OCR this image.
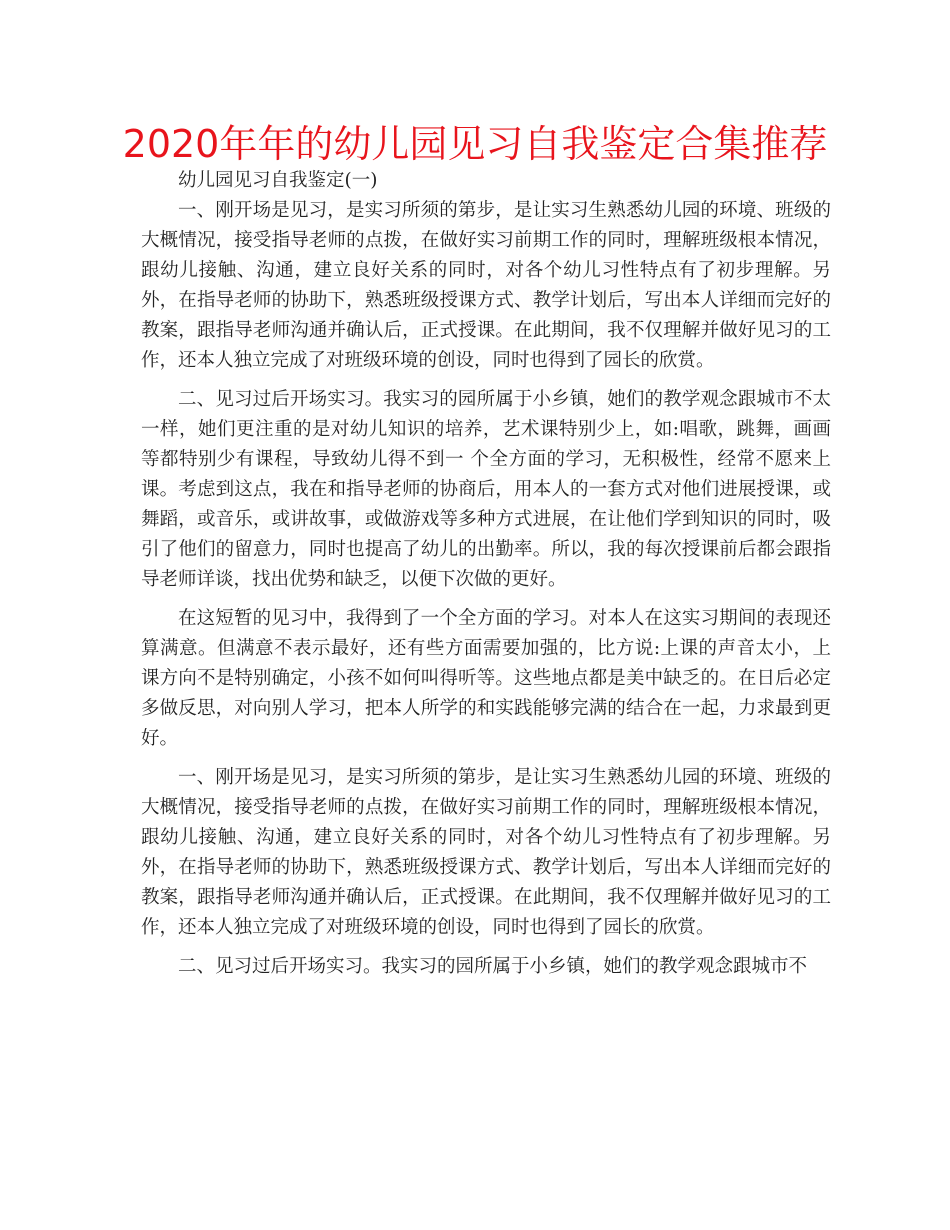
2020年年的幼儿园见习自我鉴定合集推荐

幼儿园见习自我鉴定(一)

一、刚开场是见习，是实习所须的第步，是让实习生熟悉幼儿园的环境、班级的大概情况，接受指导老师的点拨，在做好实习前期工作的同时，理解班级根本情况，跟幼儿接触、沟通，建立良好关系的同时，对各个幼儿习性特点有了初步理解。另外，在指导老师的协助下，熟悉班级授课方式、教学计划后，写出本人详细而完好的教案，跟指导老师沟通并确认后，正式授课。在此期间，我不仅理解并做好见习的工作，还本人独立完成了对班级环境的创设，同时也得到了园长的欣赏。

二、见习过后开场实习。我实习的园所属于小乡镇，她们的教学观念跟城市不太一样，她们更注重的是对幼儿知识的培养，艺术课特别少上，如:唱歌，跳舞，画画等都特别少有课程，导致幼儿得不到一 个全方面的学习，无积极性，经常不愿来上课。考虑到这点，我在和指导老师的协商后，用本人的一套方式对他们进展授课，或舞蹈，或音乐，或讲故事，或做游戏等多种方式进展，在让他们学到知识的同时，吸引了他们的留意力，同时也提高了幼儿的出勤率。所以，我的每次授课前后都会跟指导老师详谈，找出优势和缺乏，以便下次做的更好。

在这短暂的见习中，我得到了一个全方面的学习。对本人在这实习期间的表现还算满意。但满意不表示最好，还有些方面需要加强的，比方说:上课的声音太小，上课方向不是特别确定，小孩不如何叫得听等。这些地点都是美中缺乏的。在日后必定多做反思，对向别人学习，把本人所学的和实践能够完满的结合在一起，力求最到更好。

一、刚开场是见习，是实习所须的第步，是让实习生熟悉幼儿园的环境、班级的大概情况，接受指导老师的点拨，在做好实习前期工作的同时，理解班级根本情况，跟幼儿接触、沟通，建立良好关系的同时，对各个幼儿习性特点有了初步理解。另外，在指导老师的协助下，熟悉班级授课方式、教学计划后，写出本人详细而完好的教案，跟指导老师沟通并确认后，正式授课。在此期间，我不仅理解并做好见习的工作，还本人独立完成了对班级环境的创设，同时也得到了园长的欣赏。

二、见习过后开场实习。我实习的园所属于小乡镇，她们的教学观念跟城市不
